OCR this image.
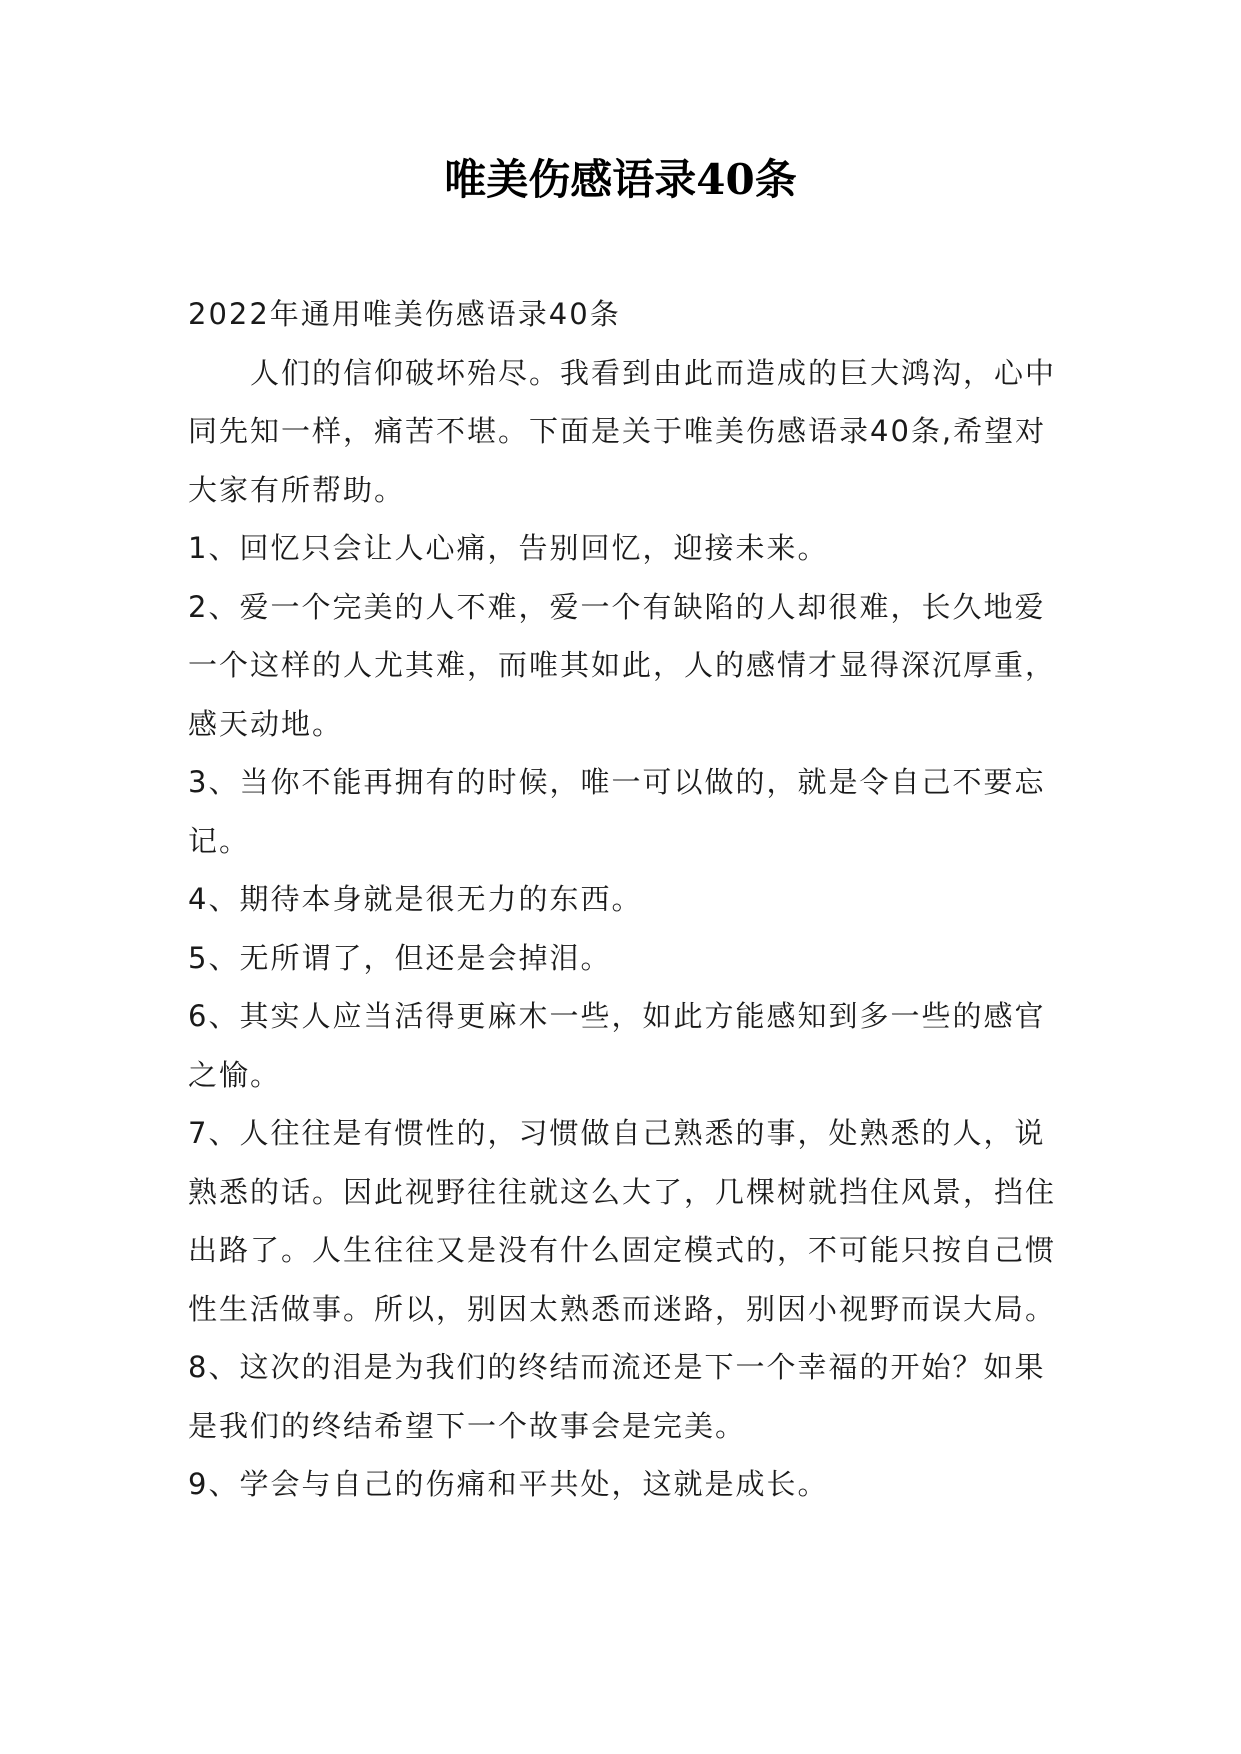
唯美伤感语录40条

2022年通用唯美伤感语录40条

人们的信仰破坏殆尽。我看到由此而造成的巨大鸿沟，心中同先知一样，痛苦不堪。下面是关于唯美伤感语录40条,希望对大家有所帮助。

1、回忆只会让人心痛，告别回忆，迎接未来。

2、爱一个完美的人不难，爱一个有缺陷的人却很难，长久地爱一个这样的人尤其难，而唯其如此，人的感情才显得深沉厚重，感天动地。

3、当你不能再拥有的时候，唯一可以做的，就是令自己不要忘记。

4、期待本身就是很无力的东西。

5、无所谓了，但还是会掉泪。

6、其实人应当活得更麻木一些，如此方能感知到多一些的感官之愉。

7、人往往是有惯性的，习惯做自己熟悉的事，处熟悉的人，说熟悉的话。因此视野往往就这么大了，几棵树就挡住风景，挡住出路了。人生往往又是没有什么固定模式的，不可能只按自己惯性生活做事。所以，别因太熟悉而迷路，别因小视野而误大局。

8、这次的泪是为我们的终结而流还是下一个幸福的开始？如果是我们的终结希望下一个故事会是完美。

9、学会与自己的伤痛和平共处，这就是成长。
